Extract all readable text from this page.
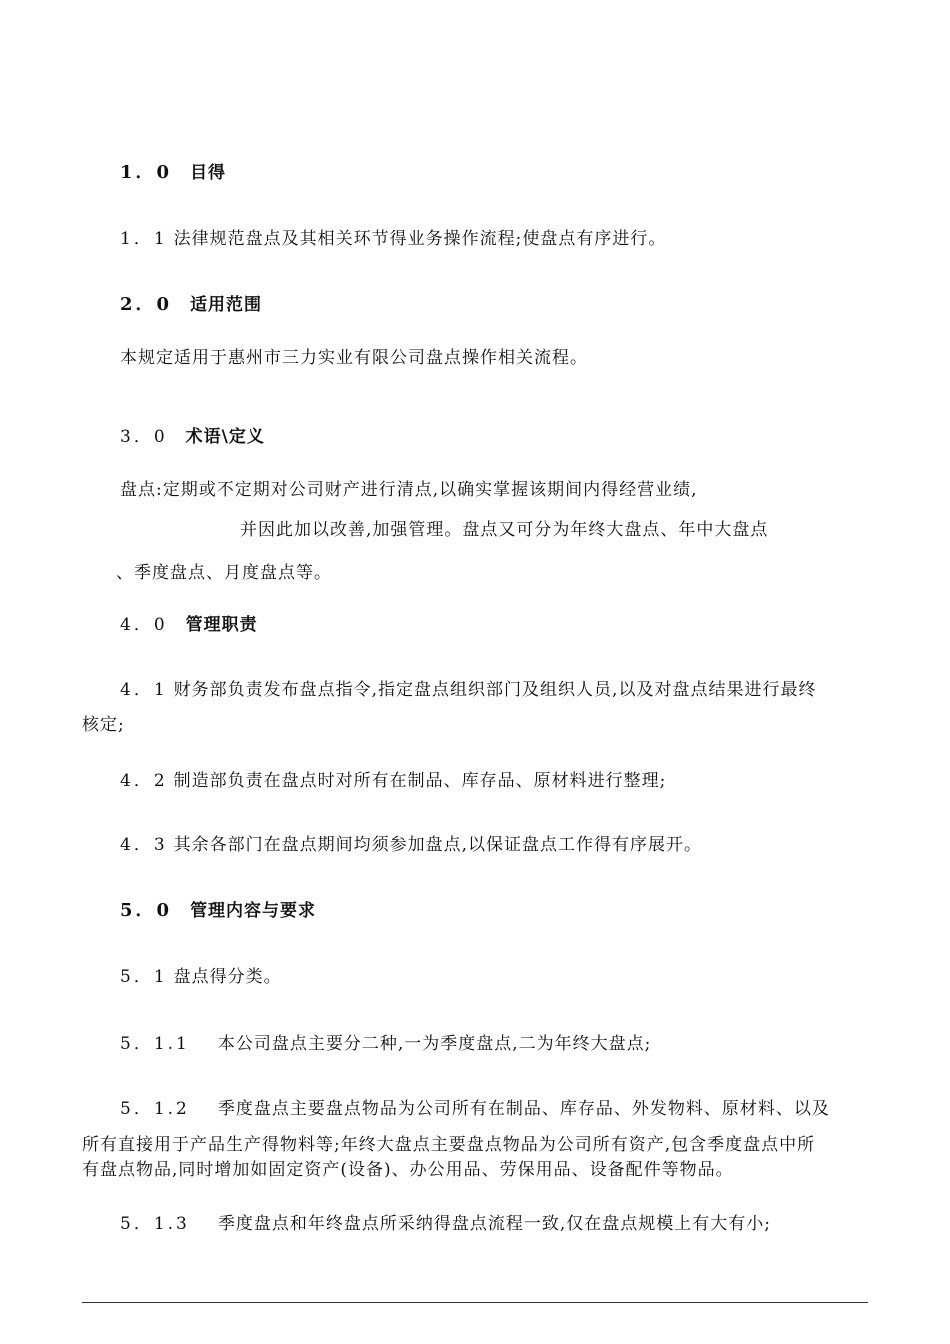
1．0 目得
1．1 法律规范盘点及其相关环节得业务操作流程;使盘点有序进行。
2．0 适用范围
本规定适用于惠州市三力实业有限公司盘点操作相关流程。
3．0 术语\定义
盘点:定期或不定期对公司财产进行清点,以确实掌握该期间内得经营业绩,
并因此加以改善,加强管理。盘点又可分为年终大盘点、年中大盘点
、季度盘点、月度盘点等。
4．0 管理职责
4．1 财务部负责发布盘点指令,指定盘点组织部门及组织人员,以及对盘点结果进行最终
核定;
4．2 制造部负责在盘点时对所有在制品、库存品、原材料进行整理;
4．3 其余各部门在盘点期间均须参加盘点,以保证盘点工作得有序展开。
5．0 管理内容与要求
5．1 盘点得分类。
5．1.1 本公司盘点主要分二种,一为季度盘点,二为年终大盘点;
5．1.2 季度盘点主要盘点物品为公司所有在制品、库存品、外发物料、原材料、以及
所有直接用于产品生产得物料等;年终大盘点主要盘点物品为公司所有资产,包含季度盘点中所
有盘点物品,同时增加如固定资产(设备)、办公用品、劳保用品、设备配件等物品。
5．1.3 季度盘点和年终盘点所采纳得盘点流程一致,仅在盘点规模上有大有小;
